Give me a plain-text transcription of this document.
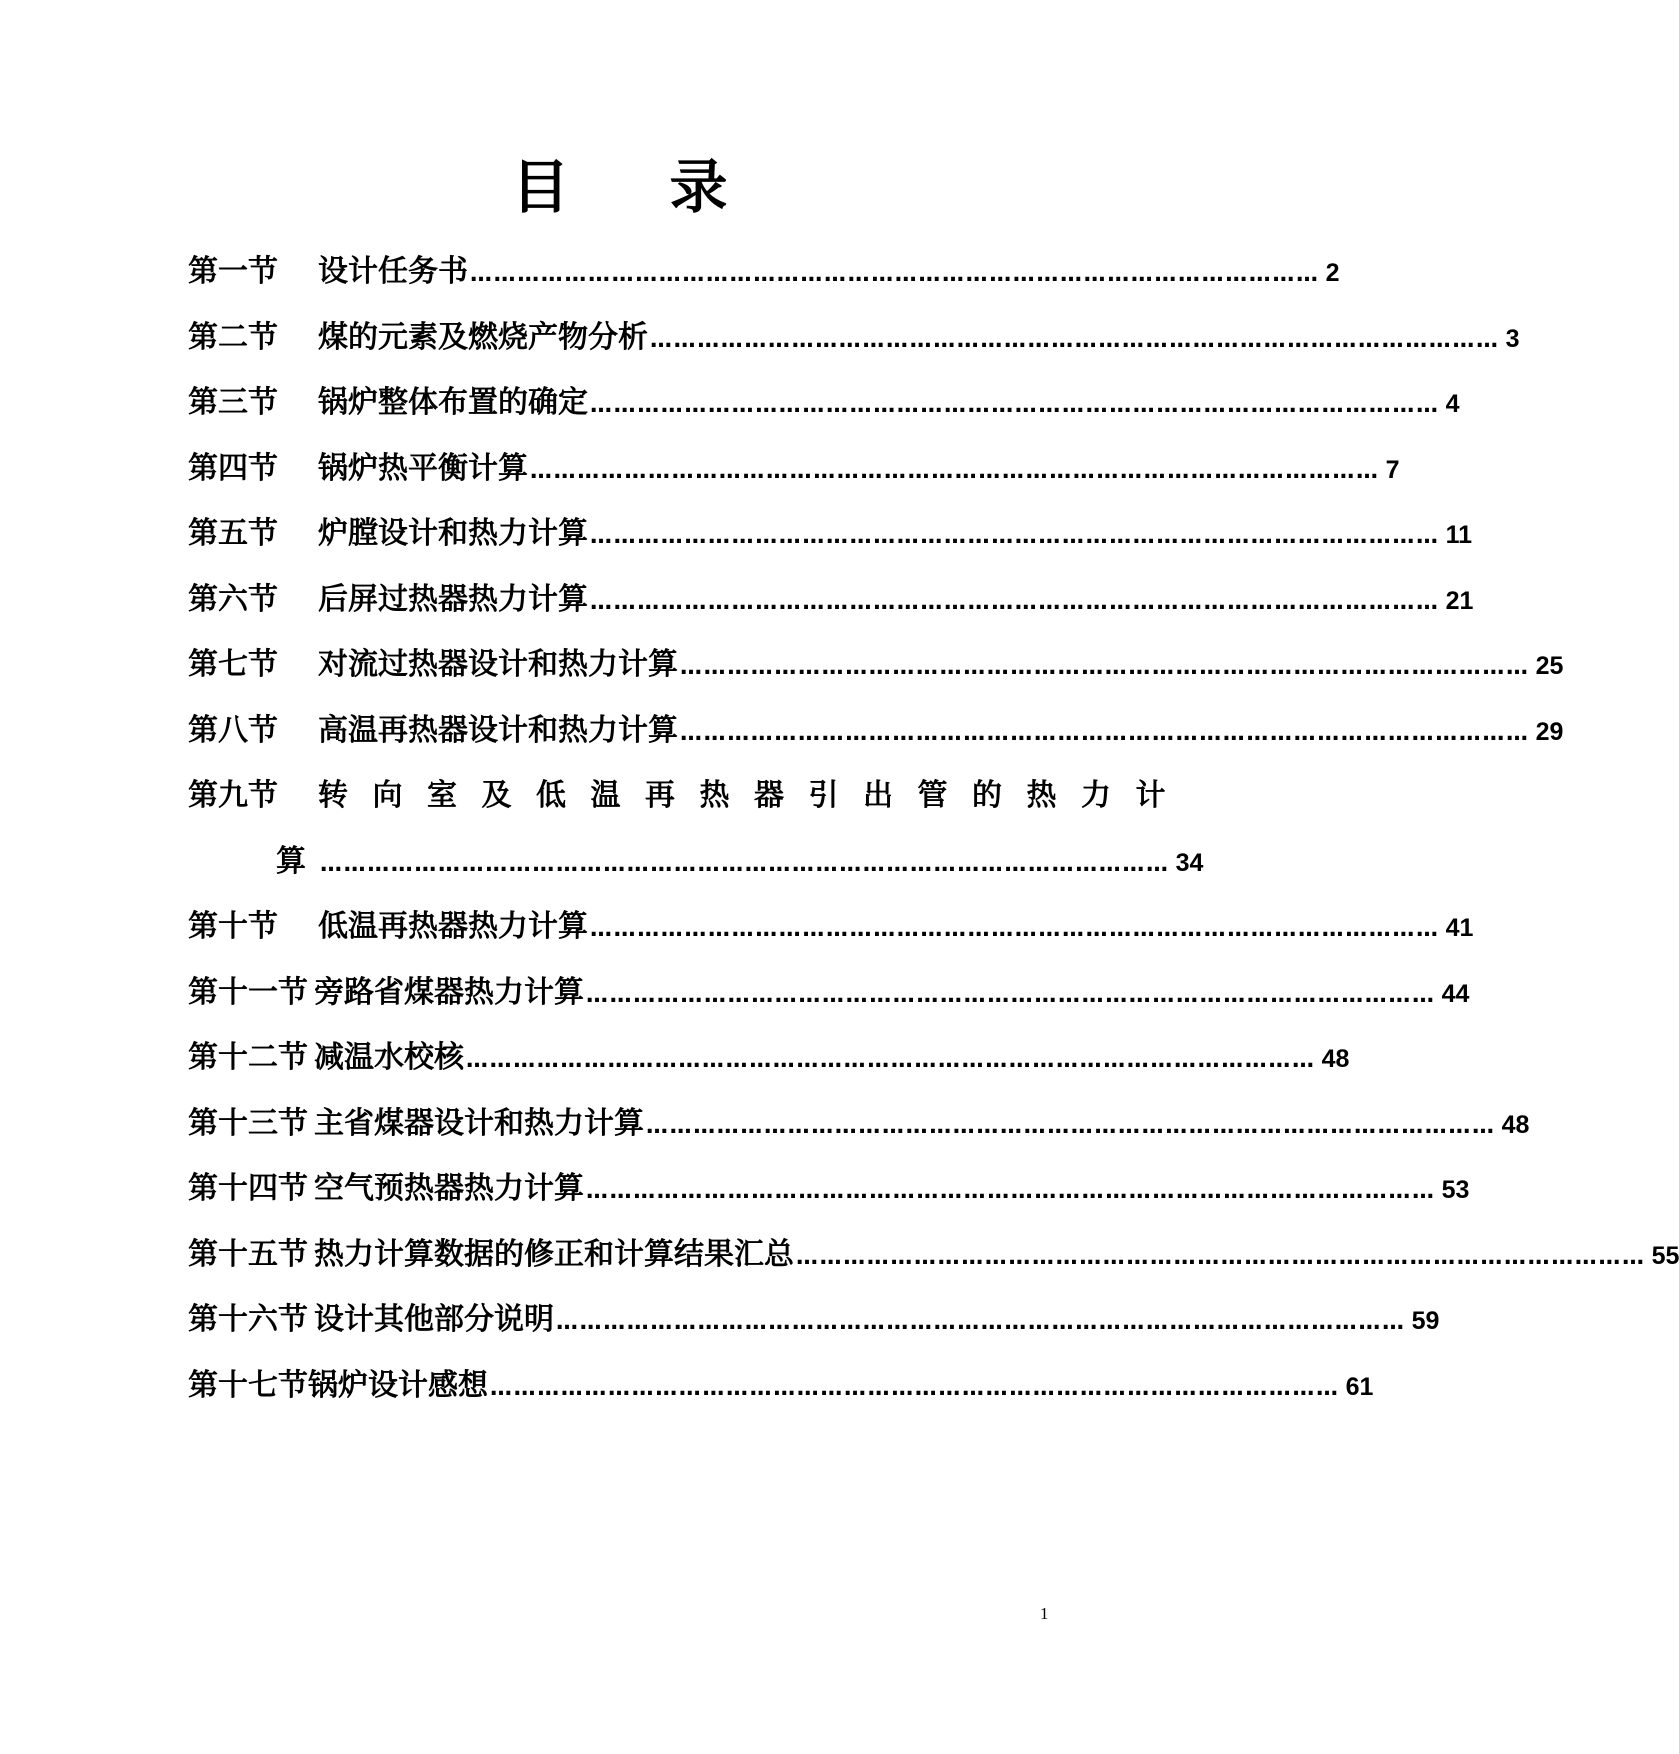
目 录
第一节 设计任务书 ……………………………………………………………………………………………… 2
第二节 煤的元素及燃烧产物分析 ……………………………………………………………………………………………… 3
第三节 锅炉整体布置的确定 ……………………………………………………………………………………………… 4
第四节 锅炉热平衡计算 ……………………………………………………………………………………………… 7
第五节 炉膛设计和热力计算 ……………………………………………………………………………………………… 11
第六节 后屏过热器热力计算 ……………………………………………………………………………………………… 21
第七节 对流过热器设计和热力计算 ……………………………………………………………………………………………… 25
第八节 高温再热器设计和热力计算 ……………………………………………………………………………………………… 29
第九节 转向室及低温再热器引出管的热力计
算 ……………………………………………………………………………………………… 34
第十节 低温再热器热力计算 ……………………………………………………………………………………………… 41
第十一节 旁路省煤器热力计算 ……………………………………………………………………………………………… 44
第十二节 减温水校核 ……………………………………………………………………………………………… 48
第十三节 主省煤器设计和热力计算 ……………………………………………………………………………………………… 48
第十四节 空气预热器热力计算 ……………………………………………………………………………………………… 53
第十五节 热力计算数据的修正和计算结果汇总 ……………………………………………………………………………………………… 55
第十六节 设计其他部分说明 ……………………………………………………………………………………………… 59
第十七节 锅炉设计感想 ……………………………………………………………………………………………… 61
1
